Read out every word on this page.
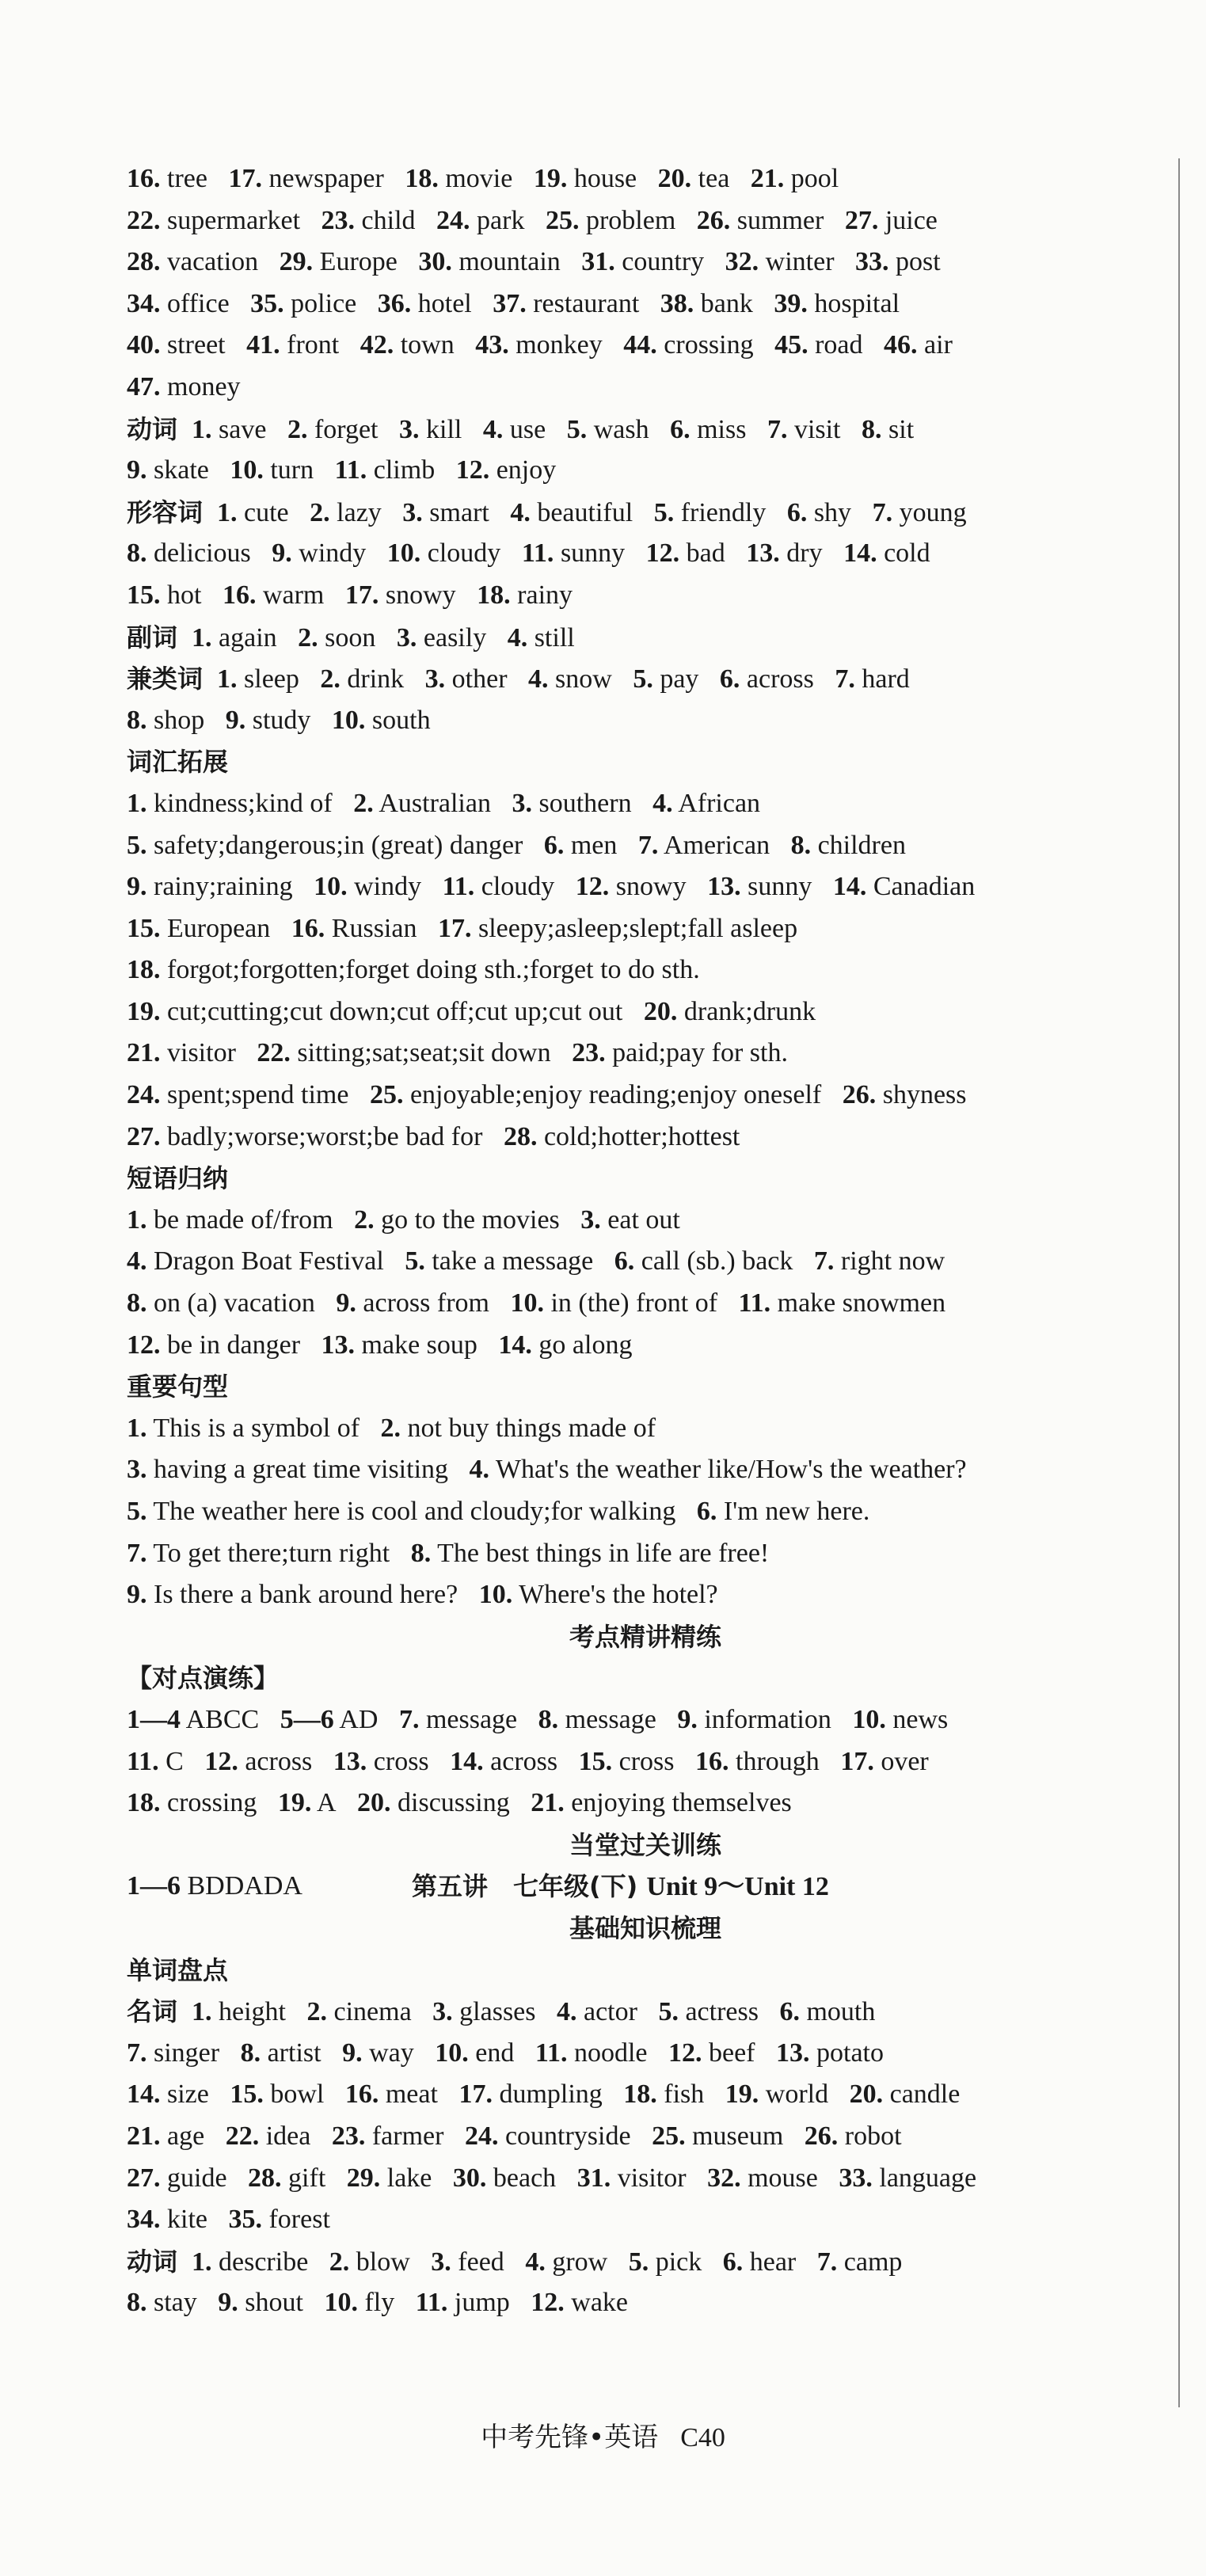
16. tree 17. newspaper 18. movie 19. house 20. tea 21. pool
22. supermarket 23. child 24. park 25. problem 26. summer 27. juice
28. vacation 29. Europe 30. mountain 31. country 32. winter 33. post
34. office 35. police 36. hotel 37. restaurant 38. bank 39. hospital
40. street 41. front 42. town 43. monkey 44. crossing 45. road 46. air
47. money
动词 1. save 2. forget 3. kill 4. use 5. wash 6. miss 7. visit 8. sit
9. skate 10. turn 11. climb 12. enjoy
形容词 1. cute 2. lazy 3. smart 4. beautiful 5. friendly 6. shy 7. young
8. delicious 9. windy 10. cloudy 11. sunny 12. bad 13. dry 14. cold
15. hot 16. warm 17. snowy 18. rainy
副词 1. again 2. soon 3. easily 4. still
兼类词 1. sleep 2. drink 3. other 4. snow 5. pay 6. across 7. hard
8. shop 9. study 10. south
词汇拓展
1. kindness;kind of 2. Australian 3. southern 4. African
5. safety;dangerous;in (great) danger 6. men 7. American 8. children
9. rainy;raining 10. windy 11. cloudy 12. snowy 13. sunny 14. Canadian
15. European 16. Russian 17. sleepy;asleep;slept;fall asleep
18. forgot;forgotten;forget doing sth.;forget to do sth.
19. cut;cutting;cut down;cut off;cut up;cut out 20. drank;drunk
21. visitor 22. sitting;sat;seat;sit down 23. paid;pay for sth.
24. spent;spend time 25. enjoyable;enjoy reading;enjoy oneself 26. shyness
27. badly;worse;worst;be bad for 28. cold;hotter;hottest
短语归纳
1. be made of/from 2. go to the movies 3. eat out
4. Dragon Boat Festival 5. take a message 6. call (sb.) back 7. right now
8. on (a) vacation 9. across from 10. in (the) front of 11. make snowmen
12. be in danger 13. make soup 14. go along
重要句型
1. This is a symbol of 2. not buy things made of
3. having a great time visiting 4. What's the weather like/How's the weather?
5. The weather here is cool and cloudy;for walking 6. I'm new here.
7. To get there;turn right 8. The best things in life are free!
9. Is there a bank around here? 10. Where's the hotel?
考点精讲精练
【对点演练】
1—4 ABCC 5—6 AD 7. message 8. message 9. information 10. news
11. C 12. across 13. cross 14. across 15. cross 16. through 17. over
18. crossing 19. A 20. discussing 21. enjoying themselves
当堂过关训练
1—6 BDDADA	第五讲　七年级(下) Unit 9～Unit 12
基础知识梳理
单词盘点
名词 1. height 2. cinema 3. glasses 4. actor 5. actress 6. mouth
7. singer 8. artist 9. way 10. end 11. noodle 12. beef 13. potato
14. size 15. bowl 16. meat 17. dumpling 18. fish 19. world 20. candle
21. age 22. idea 23. farmer 24. countryside 25. museum 26. robot
27. guide 28. gift 29. lake 30. beach 31. visitor 32. mouse 33. language
34. kite 35. forest
动词 1. describe 2. blow 3. feed 4. grow 5. pick 6. hear 7. camp
8. stay 9. shout 10. fly 11. jump 12. wake
中考先锋•英语 C40
